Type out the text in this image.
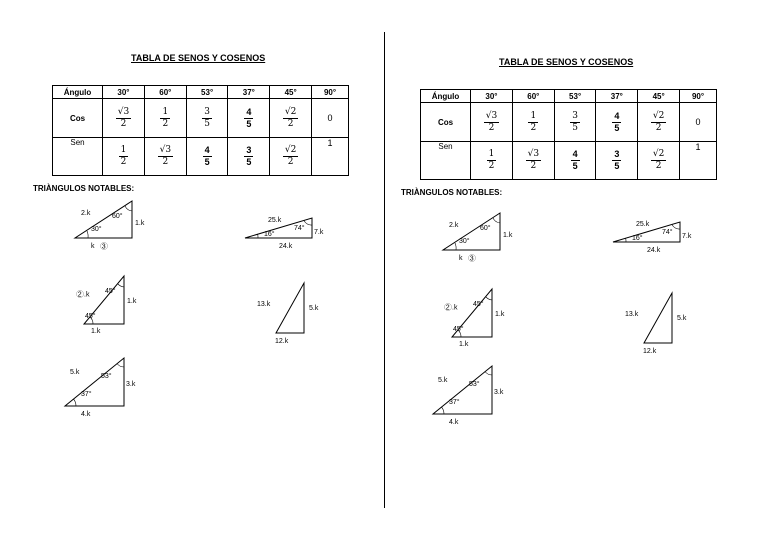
TABLA DE SENOS Y COSENOS
Ángulo	30°	60°	53°	37°	45°	90°
Cos	$\frac{√3}{2}$	$\frac{1}{2}$	$\frac{3}{5}$	$\frac{4}{5}$	$\frac{√2}{2}$	0
Sen	$\frac{1}{2}$	$\frac{√3}{2}$	$\frac{4}{5}$	$\frac{3}{5}$	$\frac{√2}{2}$	1
TRIÀNGULOS NOTABLES:
2.k	60°
30°
1.k
k 3
25.k
74°
16°	7.k
24.k
2 .k 45°
45°
1.k
1.k
13.k
5.k
12.k
5.k
53°
37°
3.k
4.k
TABLA DE SENOS Y COSENOS
Ángulo	30°	60°	53°	37°	45°	90°
Cos	$\frac{√3}{2}$	$\frac{1}{2}$	$\frac{3}{5}$	$\frac{4}{5}$	$\frac{√2}{2}$	0
Sen	$\frac{1}{2}$	$\frac{√3}{2}$	$\frac{4}{5}$	$\frac{3}{5}$	$\frac{√2}{2}$	1
TRIÀNGULOS NOTABLES:
2.k	60°
30°
1.k
k 3
25.k
74°
16°	7.k
24.k
2 .k 45°
45°
1.k
1.k
13.k
5.k
12.k
5.k
53°
37°
3.k
4.k
